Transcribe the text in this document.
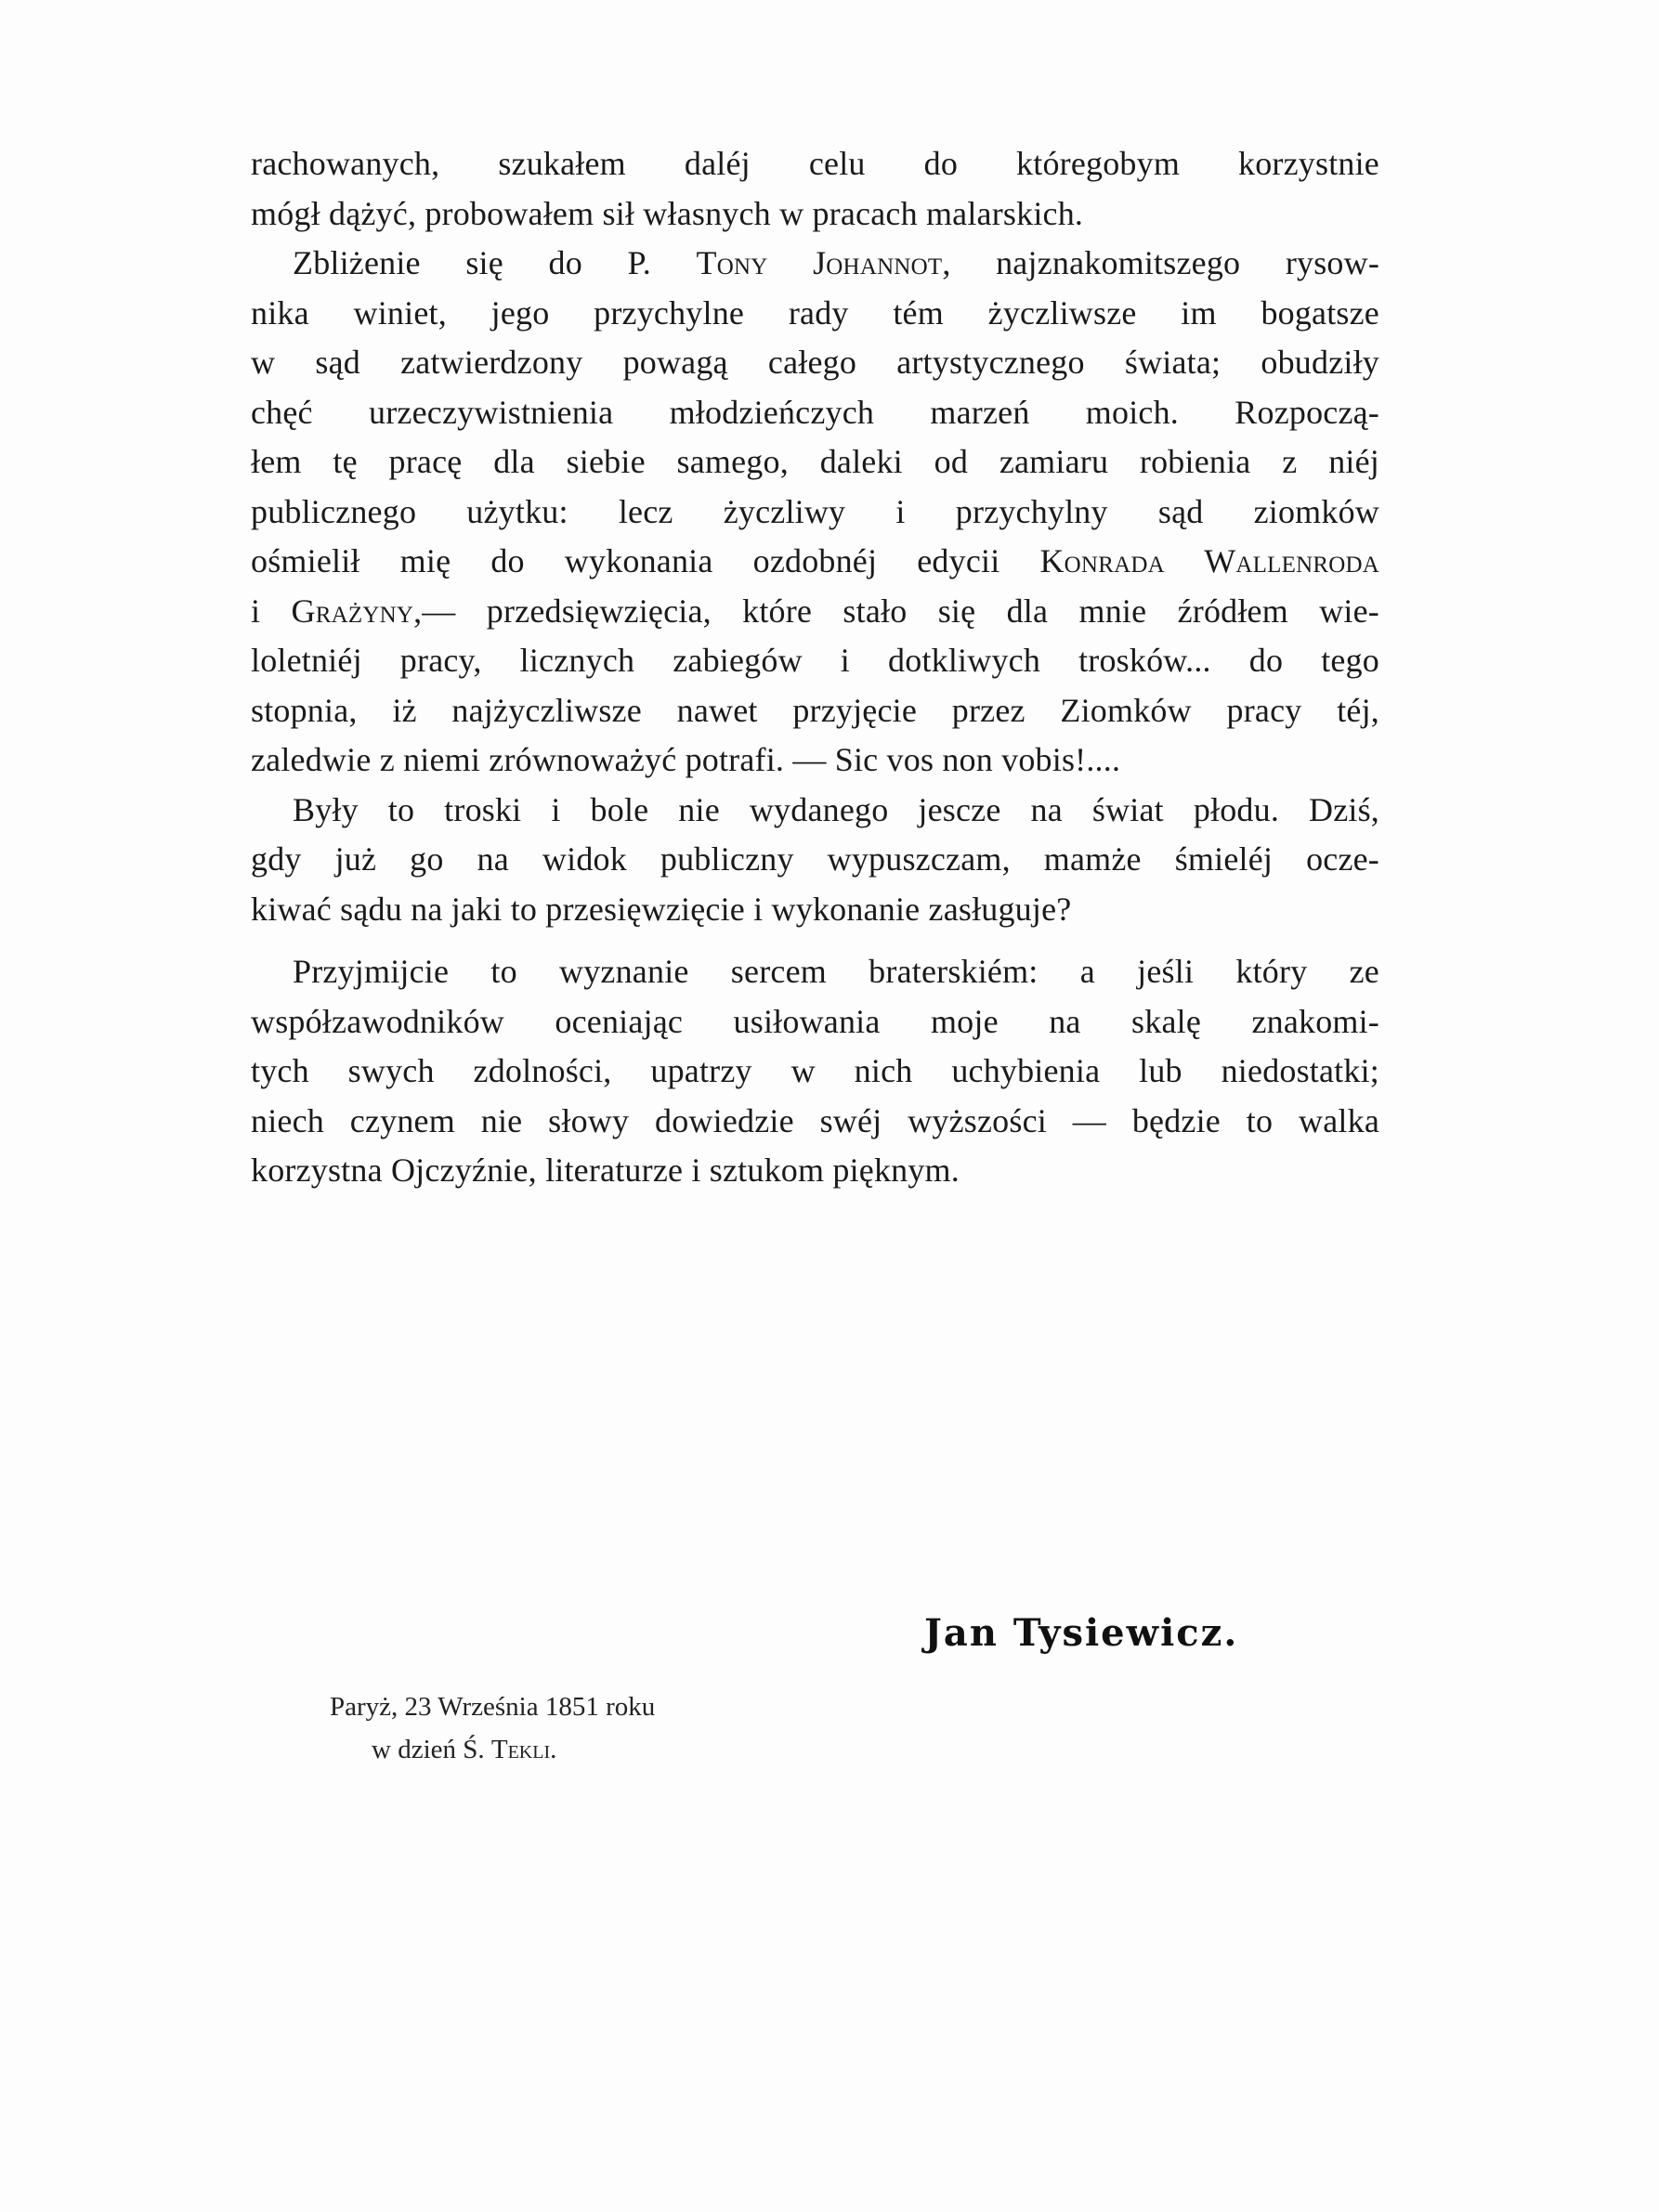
rachowanych, szukałem daléj celu do któregobym korzystnie
mógł dążyć, probowałem sił własnych w pracach malarskich.
Zbliżenie się do P. Tony Johannot, najznakomitszego rysow-
nika winiet, jego przychylne rady tém życzliwsze im bogatsze
w sąd zatwierdzony powagą całego artystycznego świata; obudziły
chęć urzeczywistnienia młodzieńczych marzeń moich. Rozpoczą-
łem tę pracę dla siebie samego, daleki od zamiaru robienia z niéj
publicznego użytku: lecz życzliwy i przychylny sąd ziomków
ośmielił mię do wykonania ozdobnéj edycii Konrada Wallenroda
i Grażyny,— przedsięwzięcia, które stało się dla mnie źródłem wie-
loletniéj pracy, licznych zabiegów i dotkliwych trosków... do tego
stopnia, iż najżyczliwsze nawet przyjęcie przez Ziomków pracy téj,
zaledwie z niemi zrównoważyć potrafi. — Sic vos non vobis!....
Były to troski i bole nie wydanego jescze na świat płodu. Dziś,
gdy już go na widok publiczny wypuszczam, mamże śmieléj ocze-
kiwać sądu na jaki to przesięwzięcie i wykonanie zasługuje?
Przyjmijcie to wyznanie sercem braterskiém: a jeśli który ze
współzawodników oceniając usiłowania moje na skalę znakomi-
tych swych zdolności, upatrzy w nich uchybienia lub niedostatki;
niech czynem nie słowy dowiedzie swéj wyższości — będzie to walka
korzystna Ojczyźnie, literaturze i sztukom pięknym.
Jan Tysiewicz.
Paryż, 23 Września 1851 roku
w dzień Ś. Tekli.
